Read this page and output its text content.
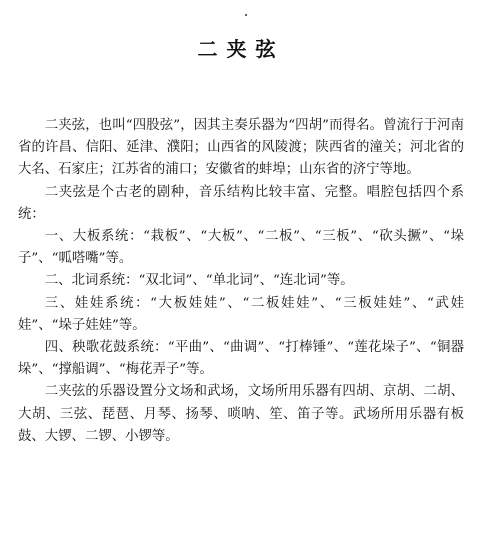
二夹弦

二夹弦，也叫“四股弦”，因其主奏乐器为“四胡”而得名。曾流行于河南省的许昌、信阳、延津、濮阳；山西省的风陵渡；陕西省的潼关；河北省的大名、石家庄；江苏省的浦口；安徽省的蚌埠；山东省的济宁等地。

二夹弦是个古老的剧种，音乐结构比较丰富、完整。唱腔包括四个系统：

一、大板系统：“栽板”、“大板”、“二板”、“三板”、“砍头撅”、“垛子”、“呱嗒嘴”等。

二、北词系统：“双北词”、“单北词”、“连北词”等。

三、娃娃系统：“大板娃娃”、“二板娃娃”、“三板娃娃”、“武娃娃”、“垛子娃娃”等。

四、秧歌花鼓系统：“平曲”、“曲调”、“打棒锤”、“莲花垛子”、“铜器垛”、“撑船调”、“梅花弄子”等。

二夹弦的乐器设置分文场和武场，文场所用乐器有四胡、京胡、二胡、大胡、三弦、琵琶、月琴、扬琴、唢呐、笙、笛子等。武场所用乐器有板鼓、大锣、二锣、小锣等。
